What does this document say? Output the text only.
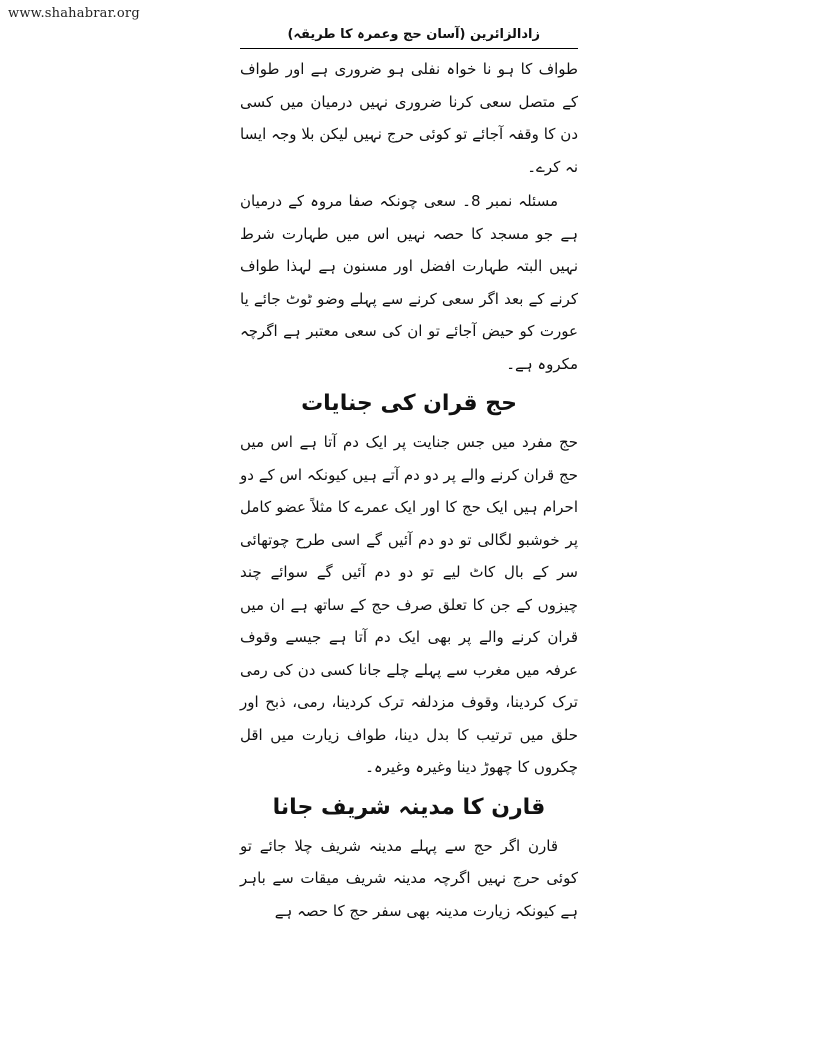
www.shahabrar.org
زادالزائرین (آسان حج وعمرہ کا طریقہ)

طواف کا ہو نا خواہ نفلی ہو ضروری ہے اور طواف کے متصل سعی کرنا ضروری نہیں درمیان میں کسی دن کا وقفہ آجائے تو کوئی حرج نہیں لیکن بلا وجہ ایسا نہ کرے۔

مسئلہ نمبر 8۔ سعی چونکہ صفا مروہ کے درمیان ہے جو مسجد کا حصہ نہیں اس میں طہارت شرط نہیں البتہ طہارت افضل اور مسنون ہے لہذا طواف کرنے کے بعد اگر سعی کرنے سے پہلے وضو ٹوٹ جائے یا عورت کو حیض آجائے تو ان کی سعی معتبر ہے اگرچہ مکروہ ہے۔

حج قران کی جنایات

حج مفرد میں جس جنایت پر ایک دم آتا ہے اس میں حج قران کرنے والے پر دو دم آتے ہیں کیونکہ اس کے دو احرام ہیں ایک حج کا اور ایک عمرے کا مثلاً عضو کامل پر خوشبو لگالی تو دو دم آئیں گے اسی طرح چوتھائی سر کے بال کاٹ لیے تو دو دم آئیں گے سوائے چند چیزوں کے جن کا تعلق صرف حج کے ساتھ ہے ان میں قران کرنے والے پر بھی ایک دم آتا ہے جیسے وقوف عرفہ میں مغرب سے پہلے چلے جانا کسی دن کی رمی ترک کردینا، وقوف مزدلفہ ترک کردینا، رمی، ذبح اور حلق میں ترتیب کا بدل دینا، طواف زیارت میں اقل چکروں کا چھوڑ دینا وغیرہ وغیرہ۔

قارن کا مدینہ شریف جانا

قارن اگر حج سے پہلے مدینہ شریف چلا جائے تو کوئی حرج نہیں اگرچہ مدینہ شریف میقات سے باہر ہے کیونکہ زیارت مدینہ بھی سفر حج کا حصہ ہے
